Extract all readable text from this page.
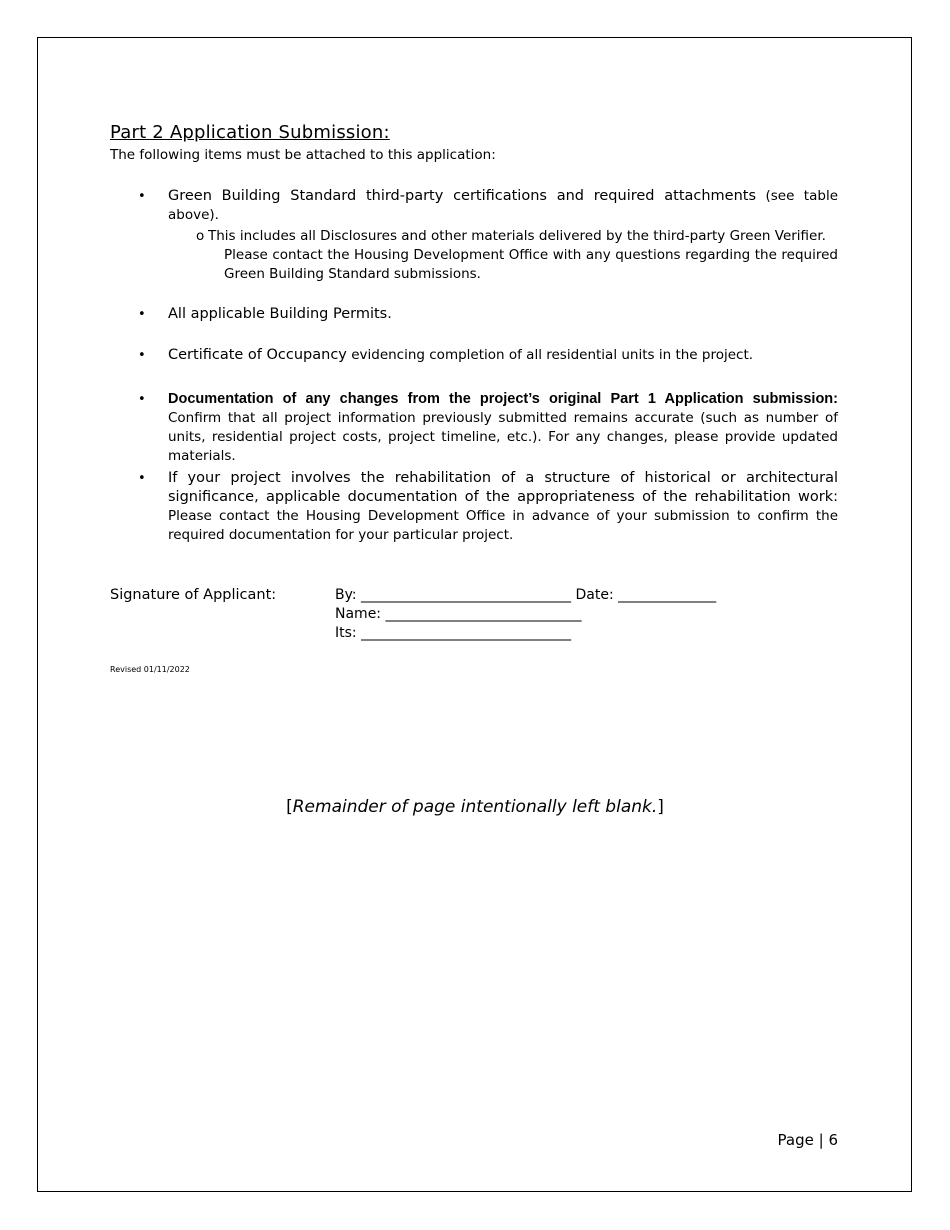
Part 2 Application Submission:
The following items must be attached to this application:
• Green Building Standard third-party certifications and required attachments (see table above).
o This includes all Disclosures and other materials delivered by the third-party Green Verifier.
Please contact the Housing Development Office with any questions regarding the required Green Building Standard submissions.
• All applicable Building Permits.
• Certificate of Occupancy evidencing completion of all residential units in the project.
• Documentation of any changes from the project’s original Part 1 Application submission: Confirm that all project information previously submitted remains accurate (such as number of units, residential project costs, project timeline, etc.). For any changes, please provide updated materials.
• If your project involves the rehabilitation of a structure of historical or architectural significance, applicable documentation of the appropriateness of the rehabilitation work: Please contact the Housing Development Office in advance of your submission to confirm the required documentation for your particular project.
Signature of Applicant:	By: ______________________________ Date: ______________
Name: ____________________________
Its: ______________________________
Revised 01/11/2022
[Remainder of page intentionally left blank.]
Page | 6
